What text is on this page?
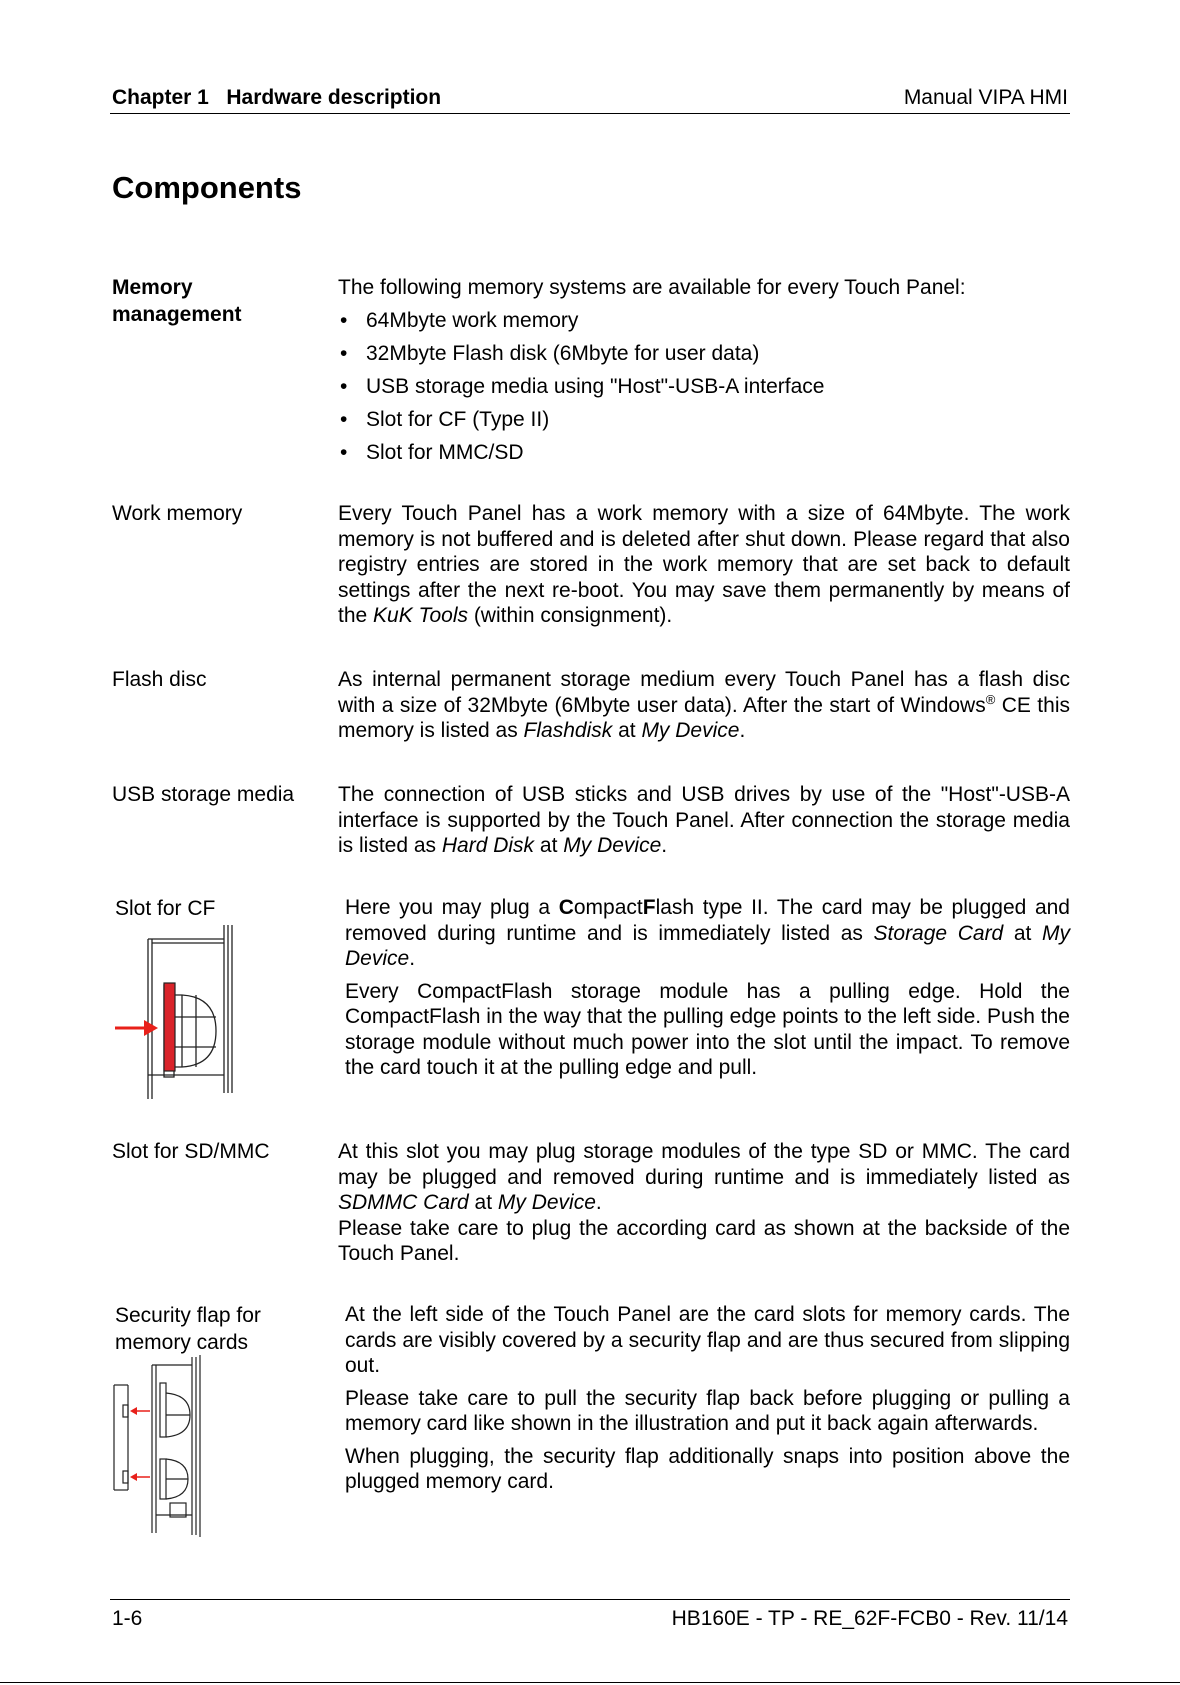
Chapter 1   Hardware description	Manual VIPA HMI
Components
Memory management
The following memory systems are available for every Touch Panel:
• 64Mbyte work memory
• 32Mbyte Flash disk (6Mbyte for user data)
• USB storage media using "Host"-USB-A interface
• Slot for CF (Type II)
• Slot for MMC/SD
Work memory	Every Touch Panel has a work memory with a size of 64Mbyte. The work memory is not buffered and is deleted after shut down. Please regard that also registry entries are stored in the work memory that are set back to default settings after the next re-boot. You may save them permanently by means of the KuK Tools (within consignment).
Flash disc	As internal permanent storage medium every Touch Panel has a flash disc with a size of 32Mbyte (6Mbyte user data). After the start of Windows® CE this memory is listed as Flashdisk at My Device.
USB storage media	The connection of USB sticks and USB drives by use of the "Host"-USB-A interface is supported by the Touch Panel. After connection the storage media is listed as Hard Disk at My Device.
Slot for CF	Here you may plug a CompactFlash type II. The card may be plugged and removed during runtime and is immediately listed as Storage Card at My Device.

Every CompactFlash storage module has a pulling edge. Hold the CompactFlash in the way that the pulling edge points to the left side. Push the storage module without much power into the slot until the impact. To remove the card touch it at the pulling edge and pull.

Slot for SD/MMC	At this slot you may plug storage modules of the type SD or MMC. The card may be plugged and removed during runtime and is immediately listed as SDMMC Card at My Device.
Please take care to plug the according card as shown at the backside of the Touch Panel.
Security flap for memory cards

At the left side of the Touch Panel are the card slots for memory cards. The cards are visibly covered by a security flap and are thus secured from slipping out.

Please take care to pull the security flap back before plugging or pulling a memory card like shown in the illustration and put it back again afterwards.

When plugging, the security flap additionally snaps into position above the plugged memory card.

1-6	HB160E - TP - RE_62F-FCB0 - Rev. 11/14
